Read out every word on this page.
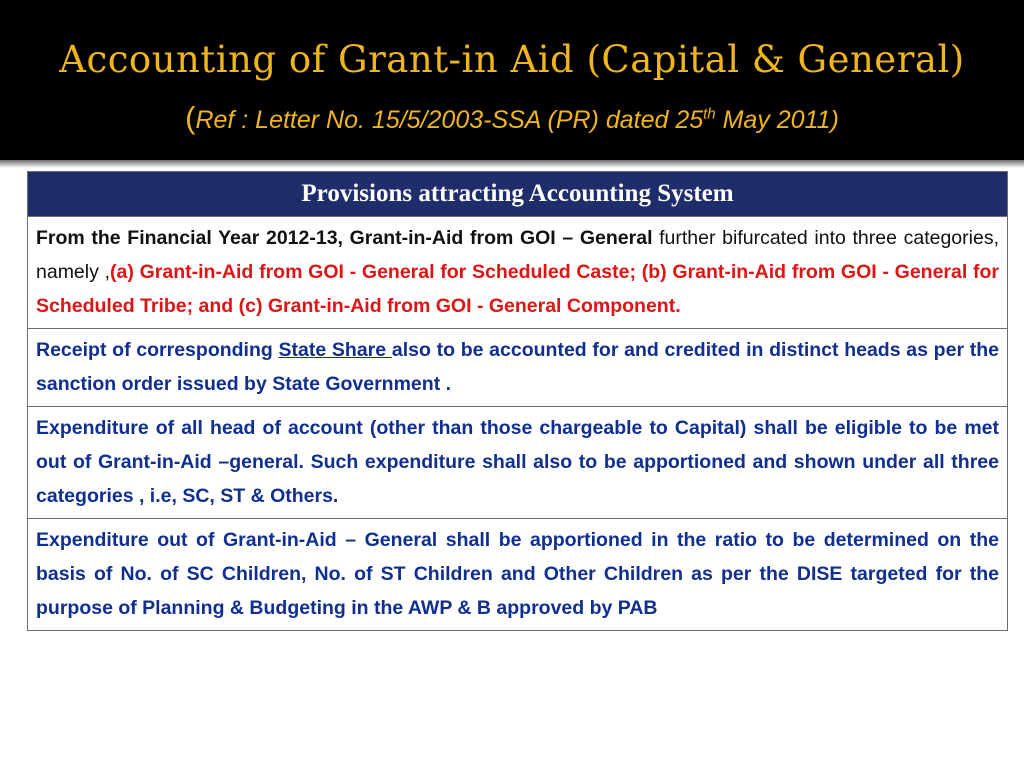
Accounting of Grant-in Aid (Capital & General)
(Ref : Letter No. 15/5/2003-SSA (PR) dated 25th May 2011)
Provisions attracting Accounting System
From the Financial Year 2012-13, Grant-in-Aid from GOI – General further bifurcated into three categories, namely ,(a) Grant-in-Aid from GOI - General for Scheduled Caste; (b) Grant-in-Aid from GOI - General for Scheduled Tribe; and (c) Grant-in-Aid from GOI - General Component.
Receipt of corresponding State Share also to be accounted for and credited in distinct heads as per the sanction order issued by State Government .
Expenditure of all head of account (other than those chargeable to Capital) shall be eligible to be met out of Grant-in-Aid –general. Such expenditure shall also to be apportioned and shown under all three categories , i.e, SC, ST & Others.
Expenditure out of Grant-in-Aid – General shall be apportioned in the ratio to be determined on the basis of No. of SC Children, No. of ST Children and Other Children as per the DISE targeted for the purpose of Planning & Budgeting in the AWP & B approved by PAB
